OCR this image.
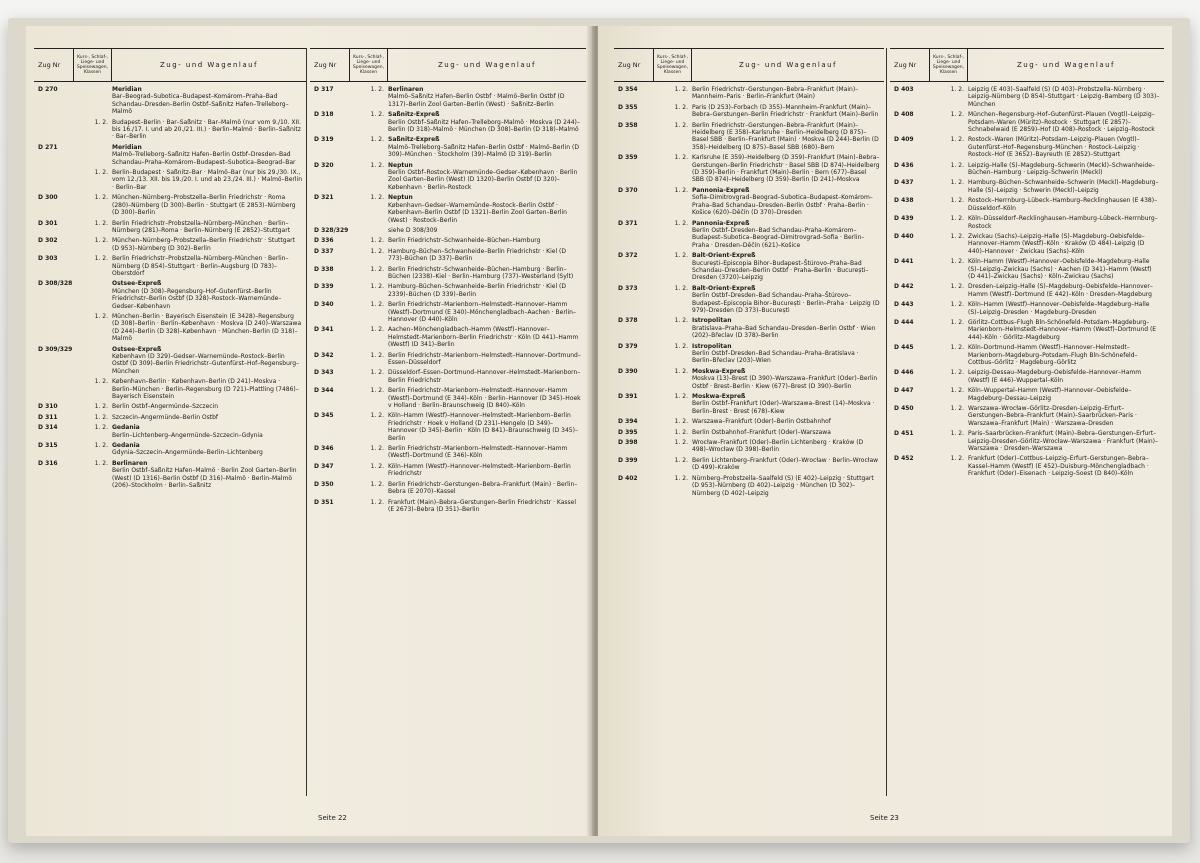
Zug Nr
Kurs-, Schlaf-, Liege- und Speisewagen, Klassen
Zug- und Wagenlauf
D 270	Meridian
Bar–Beograd–Subotica–Budapest–Komárom–Praha–Bad Schandau–Dresden–Berlin Ostbf–Saßnitz Hafen–Trelleborg–Malmö
1. 2. Budapest–Berlin · Bar–Saßnitz · Bar–Malmö (nur vom 9./10. XII. bis 16./17. I. und ab 20./21. III.) · Berlin–Malmö · Berlin–Saßnitz · Bar–Berlin
D 271	Meridian
Malmö–Trelleborg–Saßnitz Hafen–Berlin Ostbf–Dresden–Bad Schandau–Praha–Komárom–Budapest–Subotica–Beograd–Bar
1. 2. Berlin–Budapest · Saßnitz–Bar · Malmö–Bar (nur bis 29./30. IX., vom 12./13. XII. bis 19./20. I. und ab 23./24. III.) · Malmö–Berlin · Berlin–Bar
D 300	1. 2. München–Nürnberg–Probstzella–Berlin Friedrichstr · Roma (280)–Nürnberg (D 300)–Berlin · Stuttgart (E 2853)–Nürnberg (D 300)–Berlin
D 301	1. 2. Berlin Friedrichstr–Probstzella–Nürnberg–München · Berlin–Nürnberg (281)–Roma · Berlin–Nürnberg (E 2852)–Stuttgart
D 302	1. 2. München–Nürnberg–Probstzella–Berlin Friedrichstr · Stuttgart (D 953)–Nürnberg (D 302)–Berlin
D 303	1. 2. Berlin Friedrichstr–Probstzella–Nürnberg–München · Berlin–Nürnberg (D 854)–Stuttgart · Berlin–Augsburg (D 783)–Oberstdorf
D 308/328	Ostsee-Expreß
München (D 308)–Regensburg–Hof–Gutenfürst–Berlin Friedrichstr–Berlin Ostbf (D 328)–Rostock–Warnemünde–Gedser–København
1. 2. München–Berlin · Bayerisch Eisenstein (E 3428)–Regensburg (D 308)–Berlin · Berlin–København · Moskva (D 240)–Warszawa (D 244)–Berlin (D 328)–København · München–Berlin (D 318)–Malmö
D 309/329	Ostsee-Expreß
København (D 329)–Gedser–Warnemünde–Rostock–Berlin Ostbf (D 309)–Berlin Friedrichstr–Gutenfürst–Hof–Regensburg–München
1. 2. København–Berlin · København–Berlin (D 241)–Moskva · Berlin–München · Berlin–Regensburg (D 721)–Plattling (7486)–Bayerisch Eisenstein
D 310	1. 2. Berlin Ostbf–Angermünde–Szczecin
D 311	1. 2. Szczecin–Angermünde–Berlin Ostbf
D 314	1. 2. Gedania
Berlin–Lichtenberg–Angermünde–Szczecin–Gdynia
D 315	1. 2. Gedania
Gdynia–Szczecin–Angermünde–Berlin–Lichtenberg
D 316	1. 2. Berlinaren
Berlin Ostbf–Saßnitz Hafen–Malmö · Berlin Zool Garten–Berlin (West) (D 1316)–Berlin Ostbf (D 316)–Malmö · Berlin–Malmö (206)–Stockholm · Berlin–Saßnitz
Zug Nr
Kurs-, Schlaf-, Liege- und Speisewagen, Klassen
Zug- und Wagenlauf
D 317	1. 2. Berlinaren
Malmö–Saßnitz Hafen–Berlin Ostbf · Malmö–Berlin Ostbf (D 1317)–Berlin Zool Garten–Berlin (West) · Saßnitz–Berlin
D 318	1. 2. Saßnitz-Expreß
Berlin Ostbf–Saßnitz Hafen–Trelleborg–Malmö · Moskva (D 244)–Berlin (D 318)–Malmö · München (D 308)–Berlin (D 318)–Malmö
D 319	1. 2. Saßnitz-Expreß
Malmö–Trelleborg–Saßnitz Hafen–Berlin Ostbf · Malmö–Berlin (D 309)–München · Stockholm (39)–Malmö (D 319)–Berlin
D 320	1. 2. Neptun
Berlin Ostbf–Rostock–Warnemünde–Gedser–København · Berlin Zool Garten–Berlin (West) (D 1320)–Berlin Ostbf (D 320)–København · Berlin–Rostock
D 321	1. 2. Neptun
København–Gedser–Warnemünde–Rostock–Berlin Ostbf · København–Berlin Ostbf (D 1321)–Berlin Zool Garten–Berlin (West) · Rostock–Berlin
D 328/329	siehe D 308/309
D 336	1. 2. Berlin Friedrichstr–Schwanheide–Büchen–Hamburg
D 337	1. 2. Hamburg–Büchen–Schwanheide–Berlin Friedrichstr · Kiel (D 773)–Büchen (D 337)–Berlin
D 338	1. 2. Berlin Friedrichstr–Schwanheide–Büchen–Hamburg · Berlin–Büchen (2338)–Kiel · Berlin–Hamburg (737)–Westerland (Sylt)
D 339	1. 2. Hamburg–Büchen–Schwanheide–Berlin Friedrichstr · Kiel (D 2339)–Büchen (D 339)–Berlin
D 340	1. 2. Berlin Friedrichstr–Marienborn–Helmstedt–Hannover–Hamm (Westf)–Dortmund (E 340)–Mönchengladbach–Aachen · Berlin–Hannover (D 440)–Köln
D 341	1. 2. Aachen–Mönchengladbach–Hamm (Westf)–Hannover–Helmstedt–Marienborn–Berlin Friedrichstr · Köln (D 441)–Hamm (Westf) (D 341)–Berlin
D 342	1. 2. Berlin Friedrichstr–Marienborn–Helmstedt–Hannover–Dortmund–Essen–Düsseldorf
D 343	1. 2. Düsseldorf–Essen–Dortmund–Hannover–Helmstedt–Marienborn–Berlin Friedrichstr
D 344	1. 2. Berlin Friedrichstr–Marienborn–Helmstedt–Hannover–Hamm (Westf)–Dortmund (E 344)–Köln · Berlin–Hannover (D 345)–Hoek v Holland · Berlin–Braunschweig (D 840)–Köln
D 345	1. 2. Köln–Hamm (Westf)–Hannover–Helmstedt–Marienborn–Berlin Friedrichstr · Hoek v Holland (D 231)–Hengelo (D 349)–Hannover (D 345)–Berlin · Köln (D 841)–Braunschweig (D 345)–Berlin
D 346	1. 2. Berlin Friedrichstr–Marienborn–Helmstedt–Hannover–Hamm (Westf)–Dortmund (E 346)–Köln
D 347	1. 2. Köln–Hamm (Westf)–Hannover–Helmstedt–Marienborn–Berlin Friedrichstr
D 350	1. 2. Berlin Friedrichstr–Gerstungen–Bebra–Frankfurt (Main) · Berlin–Bebra (E 2070)–Kassel
D 351	1. 2. Frankfurt (Main)–Bebra–Gerstungen–Berlin Friedrichstr · Kassel (E 2673)–Bebra (D 351)–Berlin
Seite 22
Zug Nr
Kurs-, Schlaf-, Liege- und Speisewagen, Klassen
Zug- und Wagenlauf
D 354	1. 2. Berlin Friedrichstr–Gerstungen–Bebra–Frankfurt (Main)–Mannheim–Paris · Berlin–Frankfurt (Main)
D 355	1. 2. Paris (D 253)–Forbach (D 355)–Mannheim–Frankfurt (Main)–Bebra–Gerstungen–Berlin Friedrichstr · Frankfurt (Main)–Berlin
D 358	1. 2. Berlin Friedrichstr–Gerstungen–Bebra–Frankfurt (Main)–Heidelberg (E 358)–Karlsruhe · Berlin–Heidelberg (D 875)–Basel SBB · Berlin–Frankfurt (Main) · Moskva (D 244)–Berlin (D 358)–Heidelberg (D 875)–Basel SBB (680)–Bern
D 359	1. 2. Karlsruhe (E 359)–Heidelberg (D 359)–Frankfurt (Main)–Bebra–Gerstungen–Berlin Friedrichstr · Basel SBB (D 874)–Heidelberg (D 359)–Berlin · Frankfurt (Main)–Berlin · Bern (677)–Basel SBB (D 874)–Heidelberg (D 359)–Berlin (D 241)–Moskva
D 370	1. 2. Pannonia-Expreß
Sofia–Dimitrovgrad–Beograd–Subotica–Budapest–Komárom–Praha–Bad Schandau–Dresden–Berlin Ostbf · Praha–Berlin · Košice (620)–Děčín (D 370)–Dresden
D 371	1. 2. Pannonia-Expreß
Berlin Ostbf–Dresden–Bad Schandau–Praha–Komárom–Budapest–Subotica–Beograd–Dimitrovgrad–Sofia · Berlin–Praha · Dresden–Děčín (621)–Košice
D 372	1. 2. Balt-Orient-Expreß
București–Episcopia Bihor–Budapest–Štúrovo–Praha–Bad Schandau–Dresden–Berlin Ostbf · Praha–Berlin · București–Dresden (3720)–Leipzig
D 373	1. 2. Balt-Orient-Expreß
Berlin Ostbf–Dresden–Bad Schandau–Praha–Štúrovo–Budapest–Episcopia Bihor–București · Berlin–Praha · Leipzig (D 979)–Dresden (D 373)–București
D 378	1. 2. Istropolitan
Bratislava–Praha–Bad Schandau–Dresden–Berlin Ostbf · Wien (202)–Břeclav (D 378)–Berlin
D 379	1. 2. Istropolitan
Berlin Ostbf–Dresden–Bad Schandau–Praha–Bratislava · Berlin–Břeclav (203)–Wien
D 390	1. 2. Moskwa-Expreß
Moskva (13)–Brest (D 390)–Warszawa–Frankfurt (Oder)–Berlin Ostbf · Brest–Berlin · Kiew (677)–Brest (D 390)–Berlin
D 391	1. 2. Moskwa-Expreß
Berlin Ostbf–Frankfurt (Oder)–Warszawa–Brest (14)–Moskva · Berlin–Brest · Brest (678)–Kiew
D 394	1. 2. Warszawa–Frankfurt (Oder)–Berlin Ostbahnhof
D 395	1. 2. Berlin Ostbahnhof–Frankfurt (Oder)–Warszawa
D 398	1. 2. Wrocław–Frankfurt (Oder)–Berlin Lichtenberg · Kraków (D 498)–Wrocław (D 398)–Berlin
D 399	1. 2. Berlin Lichtenberg–Frankfurt (Oder)–Wrocław · Berlin–Wrocław (D 499)–Kraków
D 402	1. 2. Nürnberg–Probstzella–Saalfeld (S) (E 402)–Leipzig · Stuttgart (D 953)–Nürnberg (D 402)–Leipzig · München (D 302)–Nürnberg (D 402)–Leipzig
Zug Nr
Kurs-, Schlaf-, Liege- und Speisewagen, Klassen
Zug- und Wagenlauf
D 403	1. 2. Leipzig (E 403)–Saalfeld (S) (D 403)–Probstzella–Nürnberg · Leipzig–Nürnberg (D 854)–Stuttgart · Leipzig–Bamberg (D 303)–München
D 408	1. 2. München–Regensburg–Hof–Gutenfürst–Plauen (Vogtl)–Leipzig–Potsdam–Waren (Müritz)–Rostock · Stuttgart (E 2857)–Schnabelwaid (E 2859)–Hof (D 408)–Rostock · Leipzig–Rostock
D 409	1. 2. Rostock–Waren (Müritz)–Potsdam–Leipzig–Plauen (Vogtl)–Gutenfürst–Hof–Regensburg–München · Rostock–Leipzig · Rostock–Hof (E 3652)–Bayreuth (E 2852)–Stuttgart
D 436	1. 2. Leipzig–Halle (S)–Magdeburg–Schwerin (Meckl)–Schwanheide–Büchen–Hamburg · Leipzig–Schwerin (Meckl)
D 437	1. 2. Hamburg–Büchen–Schwanheide–Schwerin (Meckl)–Magdeburg–Halle (S)–Leipzig · Schwerin (Meckl)–Leipzig
D 438	1. 2. Rostock–Herrnburg–Lübeck–Hamburg–Recklinghausen (E 438)–Düsseldorf–Köln
D 439	1. 2. Köln–Düsseldorf–Recklinghausen–Hamburg–Lübeck–Herrnburg–Rostock
D 440	1. 2. Zwickau (Sachs)–Leipzig–Halle (S)–Magdeburg–Oebisfelde–Hannover–Hamm (Westf)–Köln · Kraków (D 484)–Leipzig (D 440)–Hannover · Zwickau (Sachs)–Köln
D 441	1. 2. Köln–Hamm (Westf)–Hannover–Oebisfelde–Magdeburg–Halle (S)–Leipzig–Zwickau (Sachs) · Aachen (D 341)–Hamm (Westf) (D 441)–Zwickau (Sachs) · Köln–Zwickau (Sachs)
D 442	1. 2. Dresden–Leipzig–Halle (S)–Magdeburg–Oebisfelde–Hannover–Hamm (Westf)–Dortmund (E 442)–Köln · Dresden–Magdeburg
D 443	1. 2. Köln–Hamm (Westf)–Hannover–Oebisfelde–Magdeburg–Halle (S)–Leipzig–Dresden · Magdeburg–Dresden
D 444	1. 2. Görlitz–Cottbus–Flugh Bln-Schönefeld–Potsdam–Magdeburg–Marienborn–Helmstedt–Hannover–Hamm (Westf)–Dortmund (E 444)–Köln · Görlitz–Magdeburg
D 445	1. 2. Köln–Dortmund–Hamm (Westf)–Hannover–Helmstedt–Marienborn–Magdeburg–Potsdam–Flugh Bln-Schönefeld–Cottbus–Görlitz · Magdeburg–Görlitz
D 446	1. 2. Leipzig–Dessau–Magdeburg–Oebisfelde–Hannover–Hamm (Westf) (E 446)–Wuppertal–Köln
D 447	1. 2. Köln–Wuppertal–Hamm (Westf)–Hannover–Oebisfelde–Magdeburg–Dessau–Leipzig
D 450	1. 2. Warszawa–Wrocław–Görlitz–Dresden–Leipzig–Erfurt–Gerstungen–Bebra–Frankfurt (Main)–Saarbrücken–Paris · Warszawa–Frankfurt (Main) · Warszawa–Dresden
D 451	1. 2. Paris–Saarbrücken–Frankfurt (Main)–Bebra–Gerstungen–Erfurt–Leipzig–Dresden–Görlitz–Wrocław–Warszawa · Frankfurt (Main)–Warszawa · Dresden–Warszawa
D 452	1. 2. Frankfurt (Oder)–Cottbus–Leipzig–Erfurt–Gerstungen–Bebra–Kassel–Hamm (Westf) (E 452)–Duisburg–Mönchengladbach · Frankfurt (Oder)–Eisenach · Leipzig–Soest (D 840)–Köln
Seite 23
